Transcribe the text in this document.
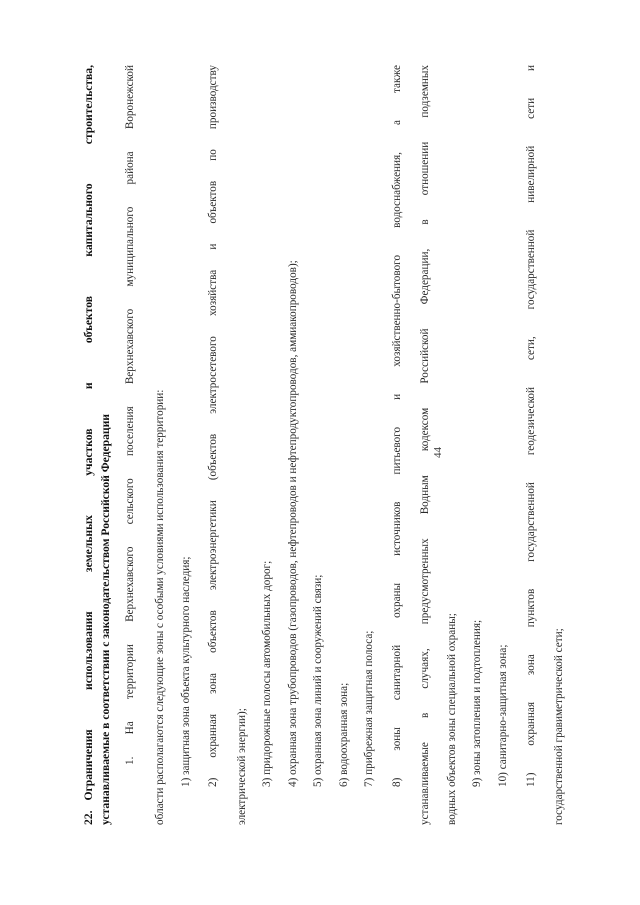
44
22.Ограничения использования земельных участков и объектов капитального строительства, устанавливаемые в соответствии с законодательством Российской Федерации 1. На территории Верхнехавского сельского поселения Верхнехавского муниципального района Воронежской области располагаются следующие зоны с особыми условиями использования территории: 1) защитная зона объекта культурного наследия; 2) охранная зона объектов электроэнергетики (объектов электросетевого хозяйства и объектов по производству электрической энергии); 3) придорожные полосы автомобильных дорог; 4) охранная зона трубопроводов (газопроводов, нефтепроводов и нефтепродуктопроводов, аммиакопроводов); 5) охранная зона линий и сооружений связи; 6) водоохранная зона; 7) прибрежная защитная полоса; 8) зоны санитарной охраны источников питьевого и хозяйственно-бытового водоснабжения, а также устанавливаемые в случаях, предусмотренных Водным кодексом Российской Федерации, в отношении подземных водных объектов зоны специальной охраны; 9) зоны затопления и подтопления; 10) санитарно-защитная зона; 11) охранная зона пунктов государственной геодезической сети, государственной нивелирной сети и государственной гравиметрической сети;
